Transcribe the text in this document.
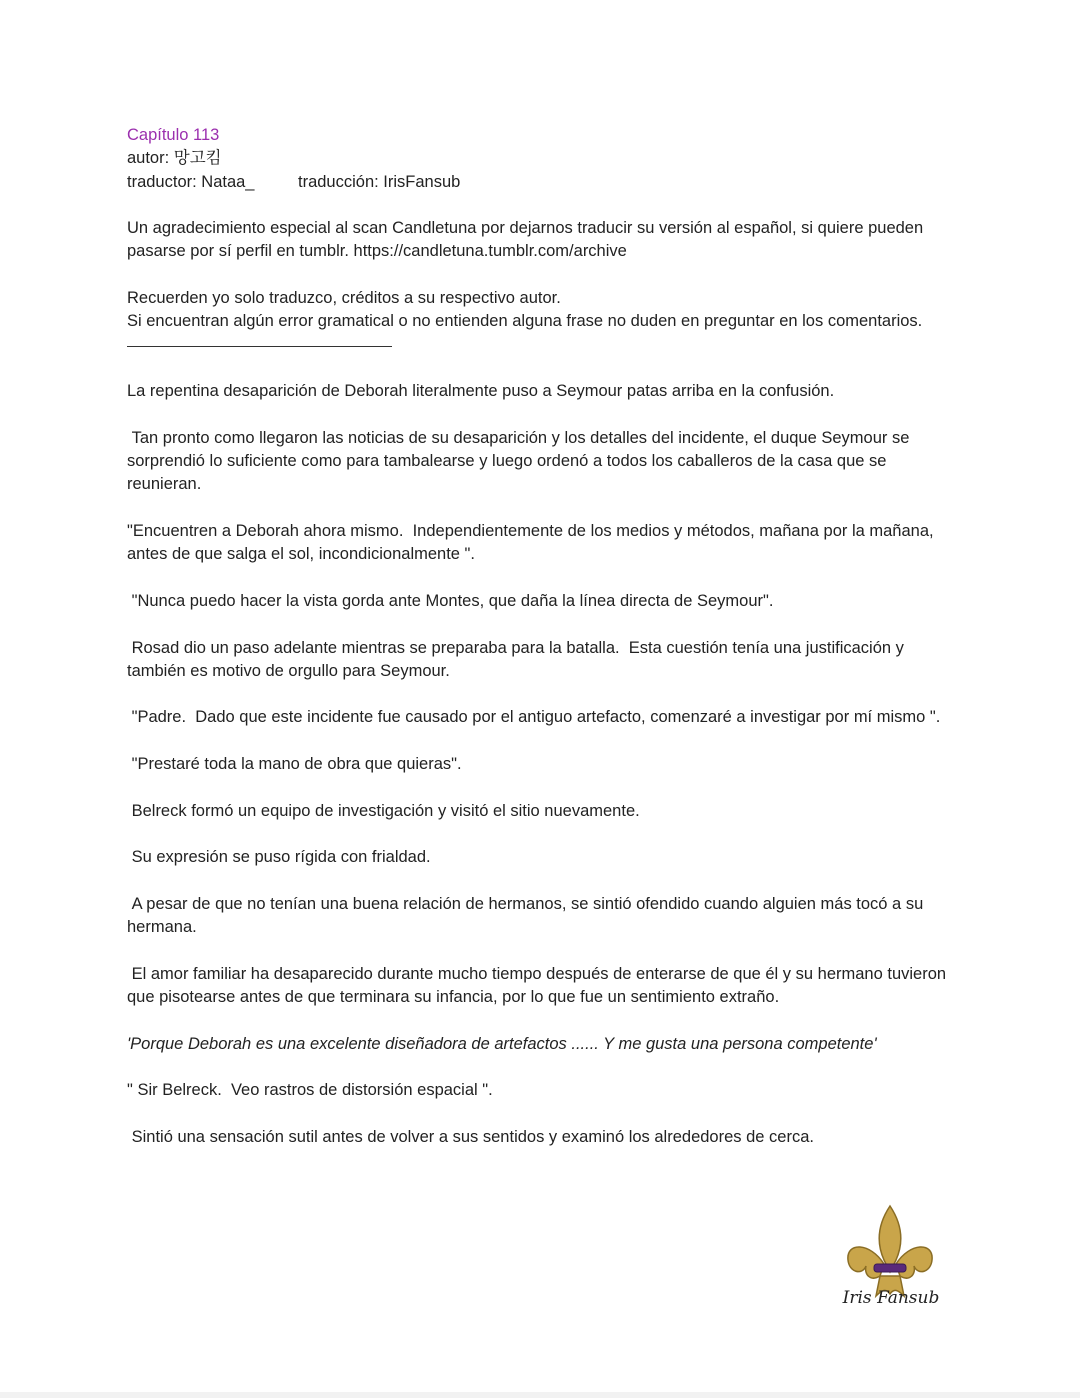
Capítulo 113
autor: 망고킴
traductor: Nataa_	traducción: IrisFansub

Un agradecimiento especial al scan Candletuna por dejarnos traducir su versión al español, si quiere pueden pasarse por sí perfil en tumblr. https://candletuna.tumblr.com/archive

Recuerden yo solo traduzco, créditos a su respectivo autor.

Si encuentran algún error gramatical o no entienden alguna frase no duden en preguntar en los comentarios.

La repentina desaparición de Deborah literalmente puso a Seymour patas arriba en la confusión.

Tan pronto como llegaron las noticias de su desaparición y los detalles del incidente, el duque Seymour se sorprendió lo suficiente como para tambalearse y luego ordenó a todos los caballeros de la casa que se reunieran.

"Encuentren a Deborah ahora mismo.  Independientemente de los medios y métodos, mañana por la mañana, antes de que salga el sol, incondicionalmente ".

"Nunca puedo hacer la vista gorda ante Montes, que daña la línea directa de Seymour".

Rosad dio un paso adelante mientras se preparaba para la batalla.  Esta cuestión tenía una justificación y también es motivo de orgullo para Seymour.

"Padre.  Dado que este incidente fue causado por el antiguo artefacto, comenzaré a investigar por mí mismo ".

"Prestaré toda la mano de obra que quieras".

Belreck formó un equipo de investigación y visitó el sitio nuevamente.

Su expresión se puso rígida con frialdad.

A pesar de que no tenían una buena relación de hermanos, se sintió ofendido cuando alguien más tocó a su hermana.

El amor familiar ha desaparecido durante mucho tiempo después de enterarse de que él y su hermano tuvieron que pisotearse antes de que terminara su infancia, por lo que fue un sentimiento extraño.

'Porque Deborah es una excelente diseñadora de artefactos ...... Y me gusta una persona competente'

" Sir Belreck.  Veo rastros de distorsión espacial ".

Sintió una sensación sutil antes de volver a sus sentidos y examinó los alrededores de cerca.

Iris Fansub
